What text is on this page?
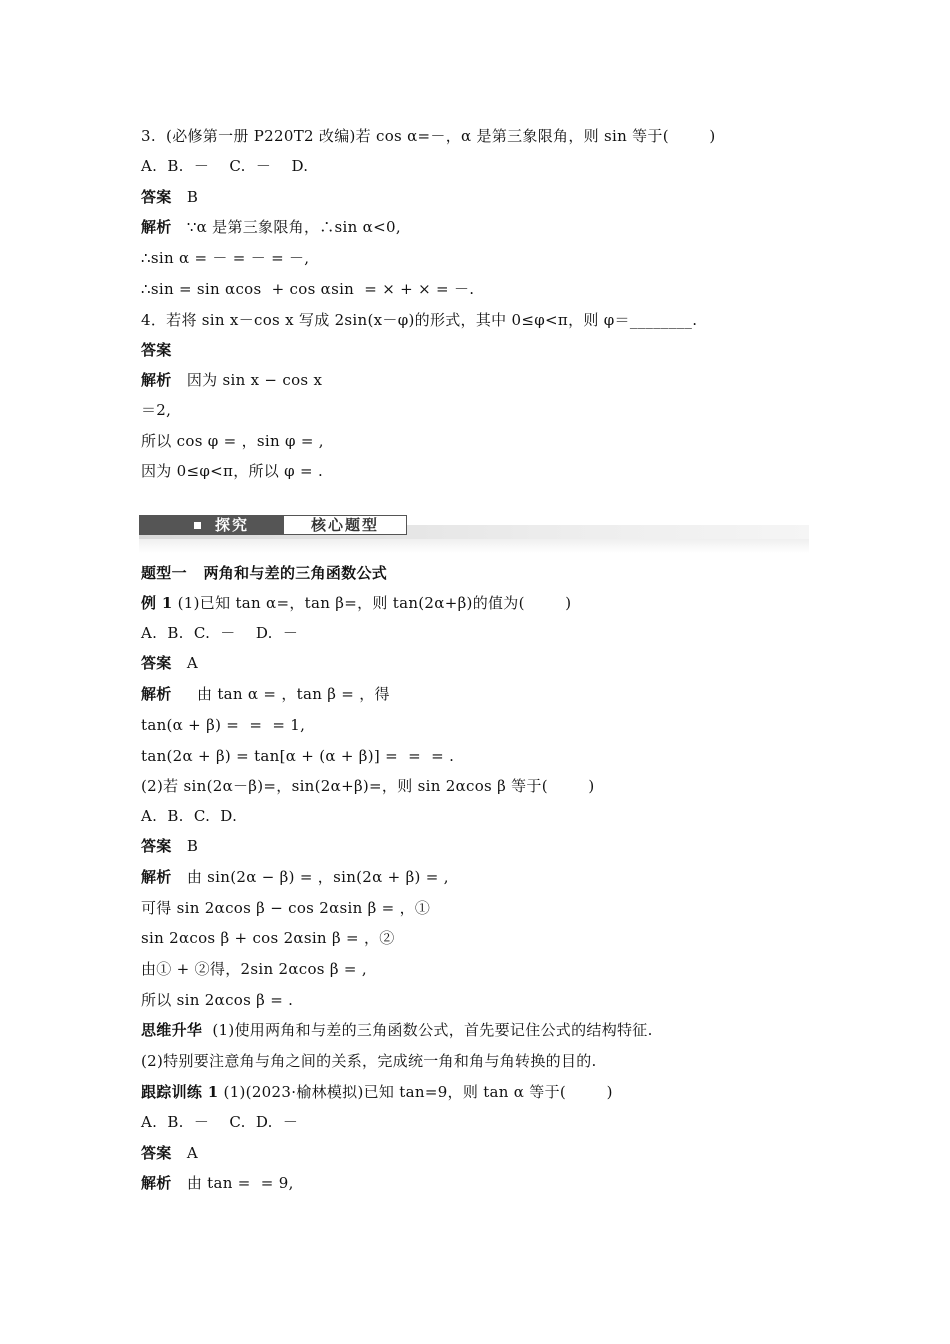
3.  (必修第一册 P220T2 改编)若 cos α=－，α 是第三象限角，则 sin 等于(        )
A.  B.  －    C.  －    D.
答案   B
解析   ∵α 是第三象限角，∴sin α<0,
∴sin α = － = － = －,
∴sin = sin αcos  + cos αsin  = × + × = －.
4．若将 sin x－cos x 写成 2sin(x－φ)的形式，其中 0≤φ<π，则 φ＝________.
答案
解析   因为 sin x − cos x
＝2,
所以 cos φ = ，sin φ = ,
因为 0≤φ<π，所以 φ = .
探究	核心题型
题型一   两角和与差的三角函数公式
例 1 (1)已知 tan α=，tan β=，则 tan(2α+β)的值为(        )
A.  B.  C.  －    D.  －
答案   A
解析     由 tan α = ，tan β = ，得
tan(α + β) =  =  = 1,
tan(2α + β) = tan[α + (α + β)] =  =  = .
(2)若 sin(2α－β)=，sin(2α+β)=，则 sin 2αcos β 等于(        )
A.  B.  C.  D.
答案   B
解析   由 sin(2α − β) = ，sin(2α + β) = ,
可得 sin 2αcos β − cos 2αsin β = ，①
sin 2αcos β + cos 2αsin β = ，②
由① + ②得，2sin 2αcos β = ,
所以 sin 2αcos β = .
思维升华  (1)使用两角和与差的三角函数公式，首先要记住公式的结构特征.
(2)特别要注意角与角之间的关系，完成统一角和角与角转换的目的.
跟踪训练 1 (1)(2023·榆林模拟)已知 tan=9，则 tan α 等于(        )
A.  B.  －    C.  D.  －
答案   A
解析   由 tan =  = 9,
